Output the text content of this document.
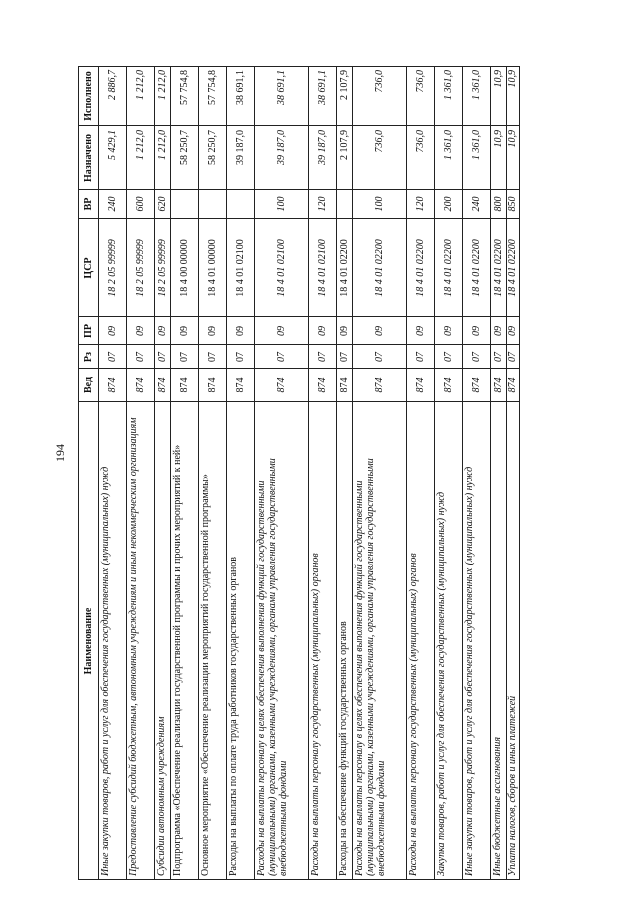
194
Исполнено
Назначено
ВР
ЦСР
ПР
Рз
Вед
Наименование
2 886,7
5 429,1
240
18 2 05 99999
09
07
874
Иные закупки товаров, работ и услуг для обеспечения государственных (муниципальных) нужд
1 212,0
1 212,0
600
18 2 05 99999
09
07
874
Предоставление субсидий бюджетным, автономным учреждениям и иным некоммерческим организациям
1 212,0
1 212,0
620
18 2 05 99999
09
07
874
Субсидии автономным учреждениям
57 754,8
58 250,7
18 4 00 00000
09
07
874
Подпрограмма «Обеспечение реализации государственной программы и прочих мероприятий к ней»
57 754,8
58 250,7
18 4 01 00000
09
07
874
Основное мероприятие «Обеспечение реализации мероприятий государственной программы»
38 691,1
39 187,0
18 4 01 02100
09
07
874
Расходы на выплаты по оплате труда работников государственных органов
38 691,1
39 187,0
100
18 4 01 02100
09
07
874
Расходы на выплаты персоналу в целях обеспечения выполнения функций государственными (муниципальными) органами, казенными учреждениями, органами управления государственными внебюджетными фондами
38 691,1
39 187,0
120
18 4 01 02100
09
07
874
Расходы на выплаты персоналу государственных (муниципальных) органов
2 107,9
2 107,9
18 4 01 02200
09
07
874
Расходы на обеспечение функций государственных органов
736,0
736,0
100
18 4 01 02200
09
07
874
Расходы на выплаты персоналу в целях обеспечения выполнения функций государственными (муниципальными) органами, казенными учреждениями, органами управления государственными внебюджетными фондами
736,0
736,0
120
18 4 01 02200
09
07
874
Расходы на выплаты персоналу государственных (муниципальных) органов
1 361,0
1 361,0
200
18 4 01 02200
09
07
874
Закупка товаров, работ и услуг для обеспечения государственных (муниципальных) нужд
1 361,0
1 361,0
240
18 4 01 02200
09
07
874
Иные закупки товаров, работ и услуг для обеспечения государственных (муниципальных) нужд
10,9
10,9
800
18 4 01 02200
09
07
874
Иные бюджетные ассигнования
10,9
10,9
850
18 4 01 02200
09
07
874
Уплата налогов, сборов и иных платежей
